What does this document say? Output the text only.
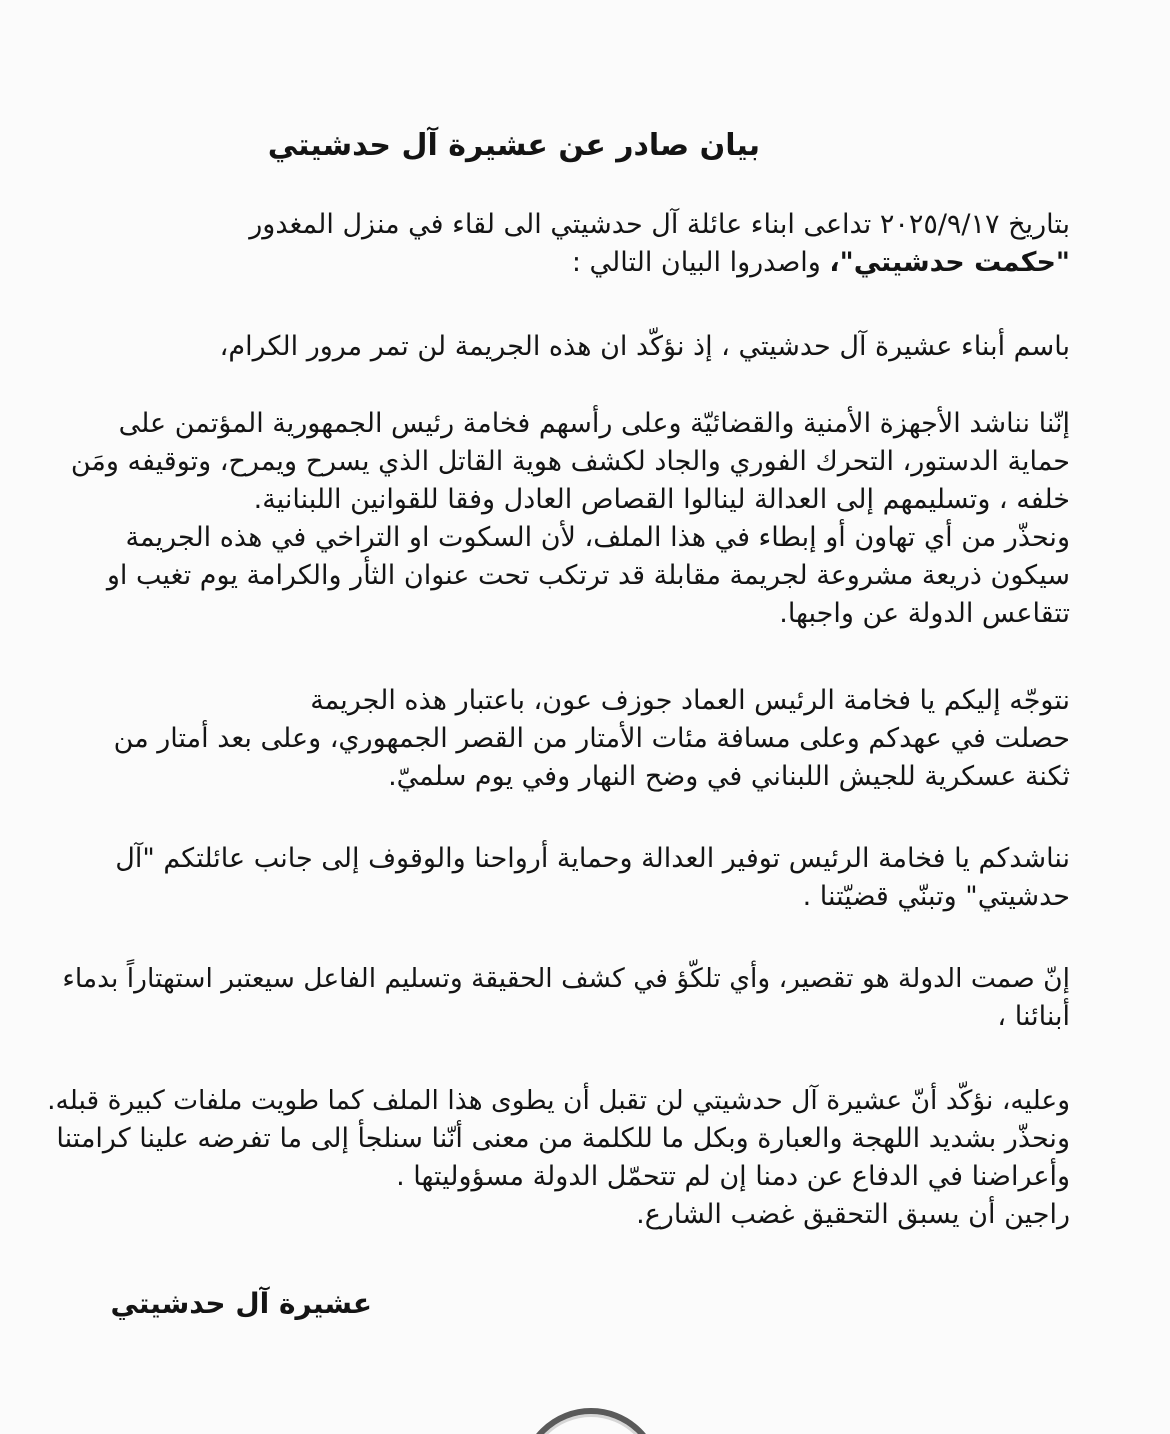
بيان صادر عن عشيرة آل حدشيتي
بتاريخ ٢٠٢٥/٩/١٧ تداعى ابناء عائلة آل حدشيتي الى لقاء في منزل المغدور
"حكمت حدشيتي"، واصدروا البيان التالي :
باسم أبناء عشيرة آل حدشيتي ، إذ نؤكّد ان هذه الجريمة لن تمر مرور الكرام،
إنّنا نناشد الأجهزة الأمنية والقضائيّة وعلى رأسهم فخامة رئيس الجمهورية المؤتمن على
حماية الدستور، التحرك الفوري والجاد لكشف هوية القاتل الذي يسرح ويمرح، وتوقيفه ومَن
خلفه ، وتسليمهم إلى العدالة لينالوا القصاص العادل وفقا للقوانين اللبنانية.
ونحذّر من أي تهاون أو إبطاء في هذا الملف، لأن السكوت او التراخي في هذه الجريمة
سيكون ذريعة مشروعة لجريمة مقابلة قد ترتكب تحت عنوان الثأر والكرامة يوم تغيب او
تتقاعس الدولة عن واجبها.
نتوجّه إليكم يا فخامة الرئيس العماد جوزف عون، باعتبار هذه الجريمة
حصلت في عهدكم وعلى مسافة مئات الأمتار من القصر الجمهوري، وعلى بعد أمتار من
ثكنة عسكرية للجيش اللبناني في وضح النهار وفي يوم سلميّ.
نناشدكم يا فخامة الرئيس توفير العدالة وحماية أرواحنا والوقوف إلى جانب عائلتكم "آل
حدشيتي" وتبنّي قضيّتنا .
إنّ صمت الدولة هو تقصير، وأي تلكّؤ في كشف الحقيقة وتسليم الفاعل سيعتبر استهتاراً بدماء
أبنائنا ،
وعليه، نؤكّد أنّ عشيرة آل حدشيتي لن تقبل أن يطوى هذا الملف كما طويت ملفات كبيرة قبله.
ونحذّر بشديد اللهجة والعبارة وبكل ما للكلمة من معنى أنّنا سنلجأ إلى ما تفرضه علينا كرامتنا
وأعراضنا في الدفاع عن دمنا إن لم تتحمّل الدولة مسؤوليتها .
راجين أن يسبق التحقيق غضب الشارع.
عشيرة آل حدشيتي
